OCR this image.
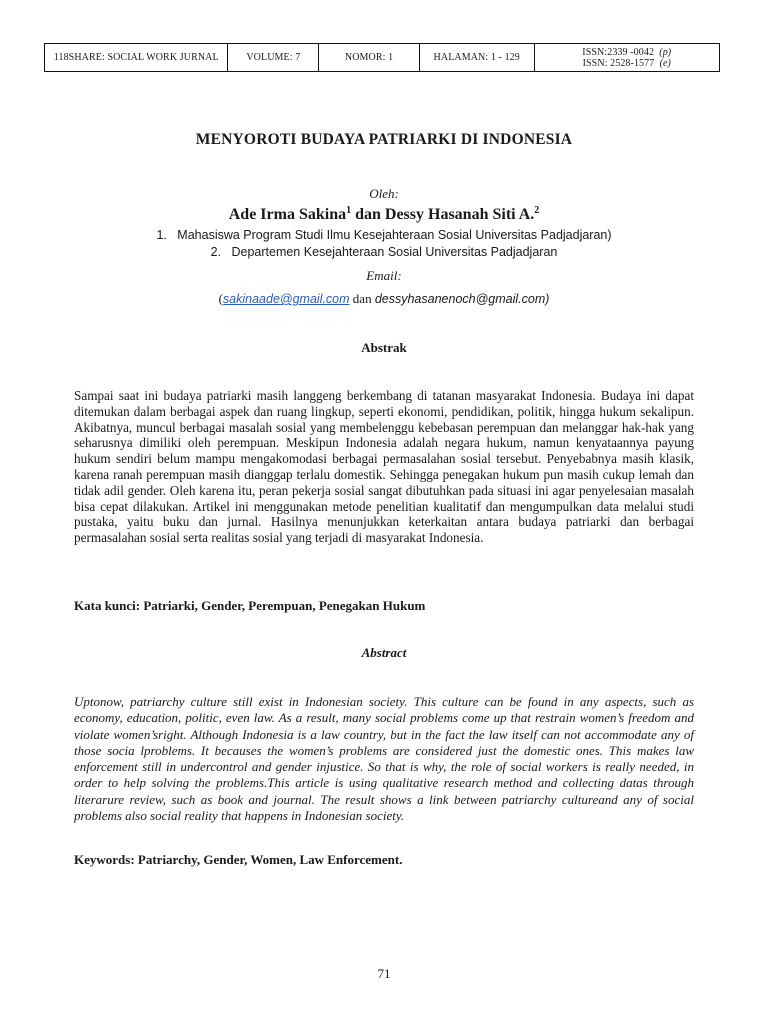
118SHARE: SOCIAL WORK JURNAL	VOLUME: 7	NOMOR: 1	HALAMAN: 1 - 129	ISSN:2339 -0042 (p)
ISSN: 2528-1577 (e)
MENYOROTI BUDAYA PATRIARKI DI INDONESIA
Oleh:
Ade Irma Sakina$^1$ dan Dessy Hasanah Siti A.$^2$
1.   Mahasiswa Program Studi Ilmu Kesejahteraan Sosial Universitas Padjadjaran)
2.   Departemen Kesejahteraan Sosial Universitas Padjadjaran
Email:
(sakinaade@gmail.com dan dessyhasanenoch@gmail.com)
Abstrak
Sampai saat ini budaya patriarki masih langgeng berkembang di tatanan masyarakat Indonesia. Budaya ini dapat ditemukan dalam berbagai aspek dan ruang lingkup, seperti ekonomi, pendidikan, politik, hingga hukum sekalipun. Akibatnya, muncul berbagai masalah sosial yang membelenggu kebebasan perempuan dan melanggar hak-hak yang seharusnya dimiliki oleh perempuan. Meskipun Indonesia adalah negara hukum, namun kenyataannya payung hukum sendiri belum mampu mengakomodasi berbagai permasalahan sosial tersebut. Penyebabnya masih klasik, karena ranah perempuan masih dianggap terlalu domestik. Sehingga penegakan hukum pun masih cukup lemah dan tidak adil gender. Oleh karena itu, peran pekerja sosial sangat dibutuhkan pada situasi ini agar penyelesaian masalah bisa cepat dilakukan. Artikel ini menggunakan metode penelitian kualitatif dan mengumpulkan data melalui studi pustaka, yaitu buku dan jurnal. Hasilnya menunjukkan keterkaitan antara budaya patriarki dan berbagai permasalahan sosial serta realitas sosial yang terjadi di masyarakat Indonesia.
Kata kunci: Patriarki, Gender, Perempuan, Penegakan Hukum
Abstract
Uptonow, patriarchy culture still exist in Indonesian society. This culture can be found in any aspects, such as economy, education, politic, even law. As a result, many social problems come up that restrain women’s freedom and violate women’sright. Although Indonesia is a law country, but in the fact the law itself can not accommodate any of those socia lproblems. It becauses the women’s problems are considered just the domestic ones. This makes law enforcement still in undercontrol and gender injustice. So that is why, the role of social workers is really needed, in order to help solving the problems.This article is using qualitative research method and collecting datas through literarure review, such as book and journal. The result shows a link between patriarchy cultureand any of social problems also social reality that happens in Indonesian society.
Keywords: Patriarchy, Gender, Women, Law Enforcement.
71
